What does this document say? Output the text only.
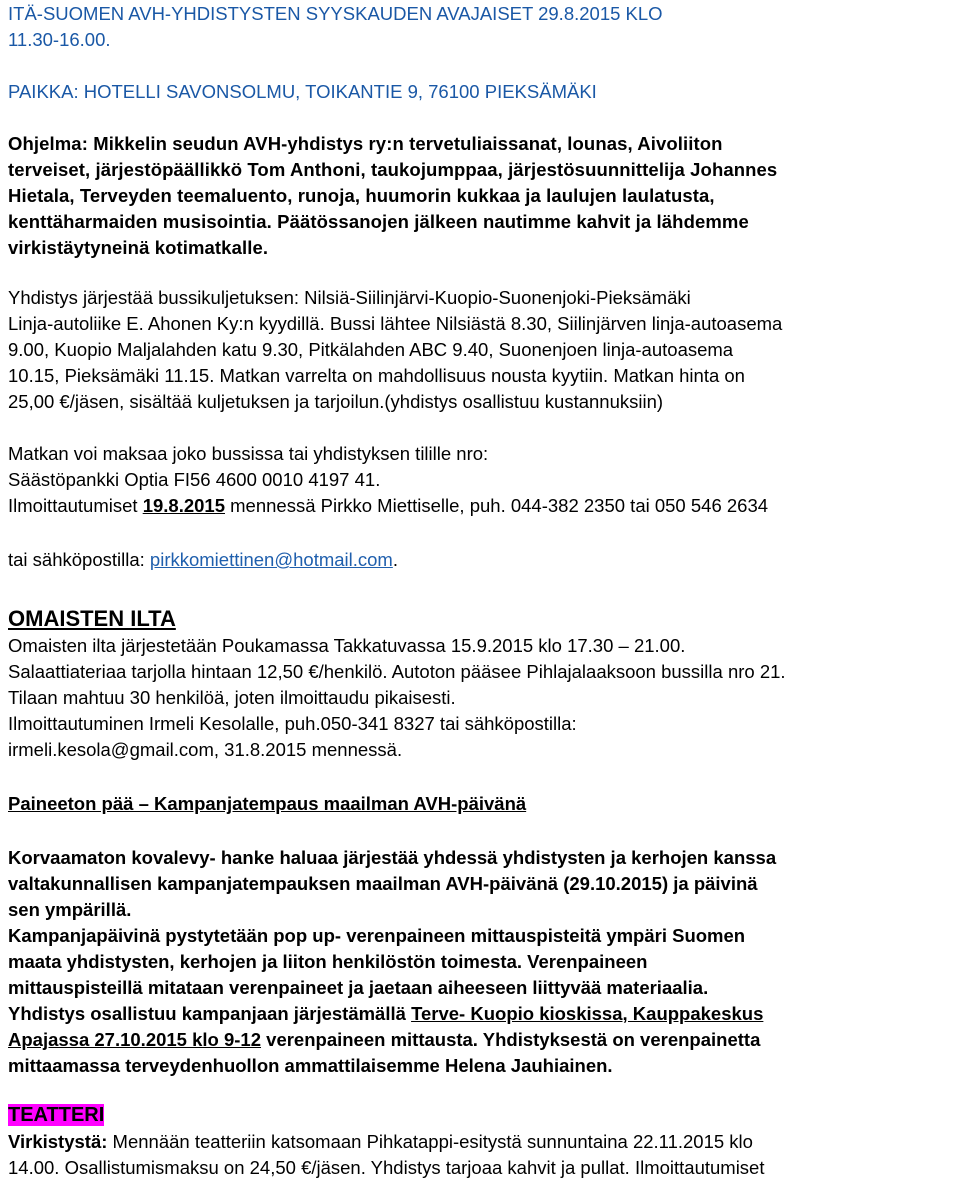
ITÄ-SUOMEN AVH-YHDISTYSTEN SYYSKAUDEN AVAJAISET 29.8.2015 KLO
11.30-16.00.
PAIKKA: HOTELLI SAVONSOLMU, TOIKANTIE 9, 76100 PIEKSÄMÄKI
Ohjelma: Mikkelin seudun AVH-yhdistys ry:n tervetuliaissanat, lounas, Aivoliiton
terveiset, järjestöpäällikkö Tom Anthoni, taukojumppaa, järjestösuunnittelija Johannes
Hietala, Terveyden teemaluento, runoja, huumorin kukkaa ja laulujen laulatusta,
kenttäharmaiden musisointia. Päätössanojen jälkeen nautimme kahvit ja lähdemme
virkistäytyneinä kotimatkalle.
Yhdistys järjestää bussikuljetuksen: Nilsiä-Siilinjärvi-Kuopio-Suonenjoki-Pieksämäki
Linja-autoliike E. Ahonen Ky:n kyydillä. Bussi lähtee Nilsiästä 8.30, Siilinjärven linja-autoasema
9.00, Kuopio Maljalahden katu 9.30, Pitkälahden ABC 9.40, Suonenjoen linja-autoasema
10.15, Pieksämäki 11.15. Matkan varrelta on mahdollisuus nousta kyytiin. Matkan hinta on
25,00 €/jäsen, sisältää kuljetuksen ja tarjoilun.(yhdistys osallistuu kustannuksiin)
Matkan voi maksaa joko bussissa tai yhdistyksen tilille nro:
Säästöpankki Optia FI56 4600 0010 4197 41.
Ilmoittautumiset 19.8.2015 mennessä Pirkko Miettiselle, puh. 044-382 2350 tai 050 546 2634
tai sähköpostilla: pirkkomiettinen@hotmail.com.
OMAISTEN ILTA
Omaisten ilta järjestetään Poukamassa Takkatuvassa 15.9.2015 klo 17.30 – 21.00.
Salaattiateriaa tarjolla hintaan 12,50 €/henkilö. Autoton pääsee Pihlajalaaksoon bussilla nro 21.
Tilaan mahtuu 30 henkilöä, joten ilmoittaudu pikaisesti.
Ilmoittautuminen Irmeli Kesolalle, puh.050-341 8327 tai sähköpostilla:
irmeli.kesola@gmail.com, 31.8.2015 mennessä.
Paineeton pää – Kampanjatempaus maailman AVH-päivänä
Korvaamaton kovalevy- hanke haluaa järjestää yhdessä yhdistysten ja kerhojen kanssa
valtakunnallisen kampanjatempauksen maailman AVH-päivänä (29.10.2015) ja päivinä
sen ympärillä.
Kampanjapäivinä pystytetään pop up- verenpaineen mittauspisteitä ympäri Suomen
maata yhdistysten, kerhojen ja liiton henkilöstön toimesta. Verenpaineen
mittauspisteillä mitataan verenpaineet ja jaetaan aiheeseen liittyvää materiaalia.
Yhdistys osallistuu kampanjaan järjestämällä Terve- Kuopio kioskissa, Kauppakeskus
Apajassa 27.10.2015 klo 9-12 verenpaineen mittausta. Yhdistyksestä on verenpainetta
mittaamassa terveydenhuollon ammattilaisemme Helena Jauhiainen.
TEATTERI
Virkistystä: Mennään teatteriin katsomaan Pihkatappi-esitystä sunnuntaina 22.11.2015 klo
14.00. Osallistumismaksu on 24,50 €/jäsen. Yhdistys tarjoaa kahvit ja pullat. Ilmoittautumiset
